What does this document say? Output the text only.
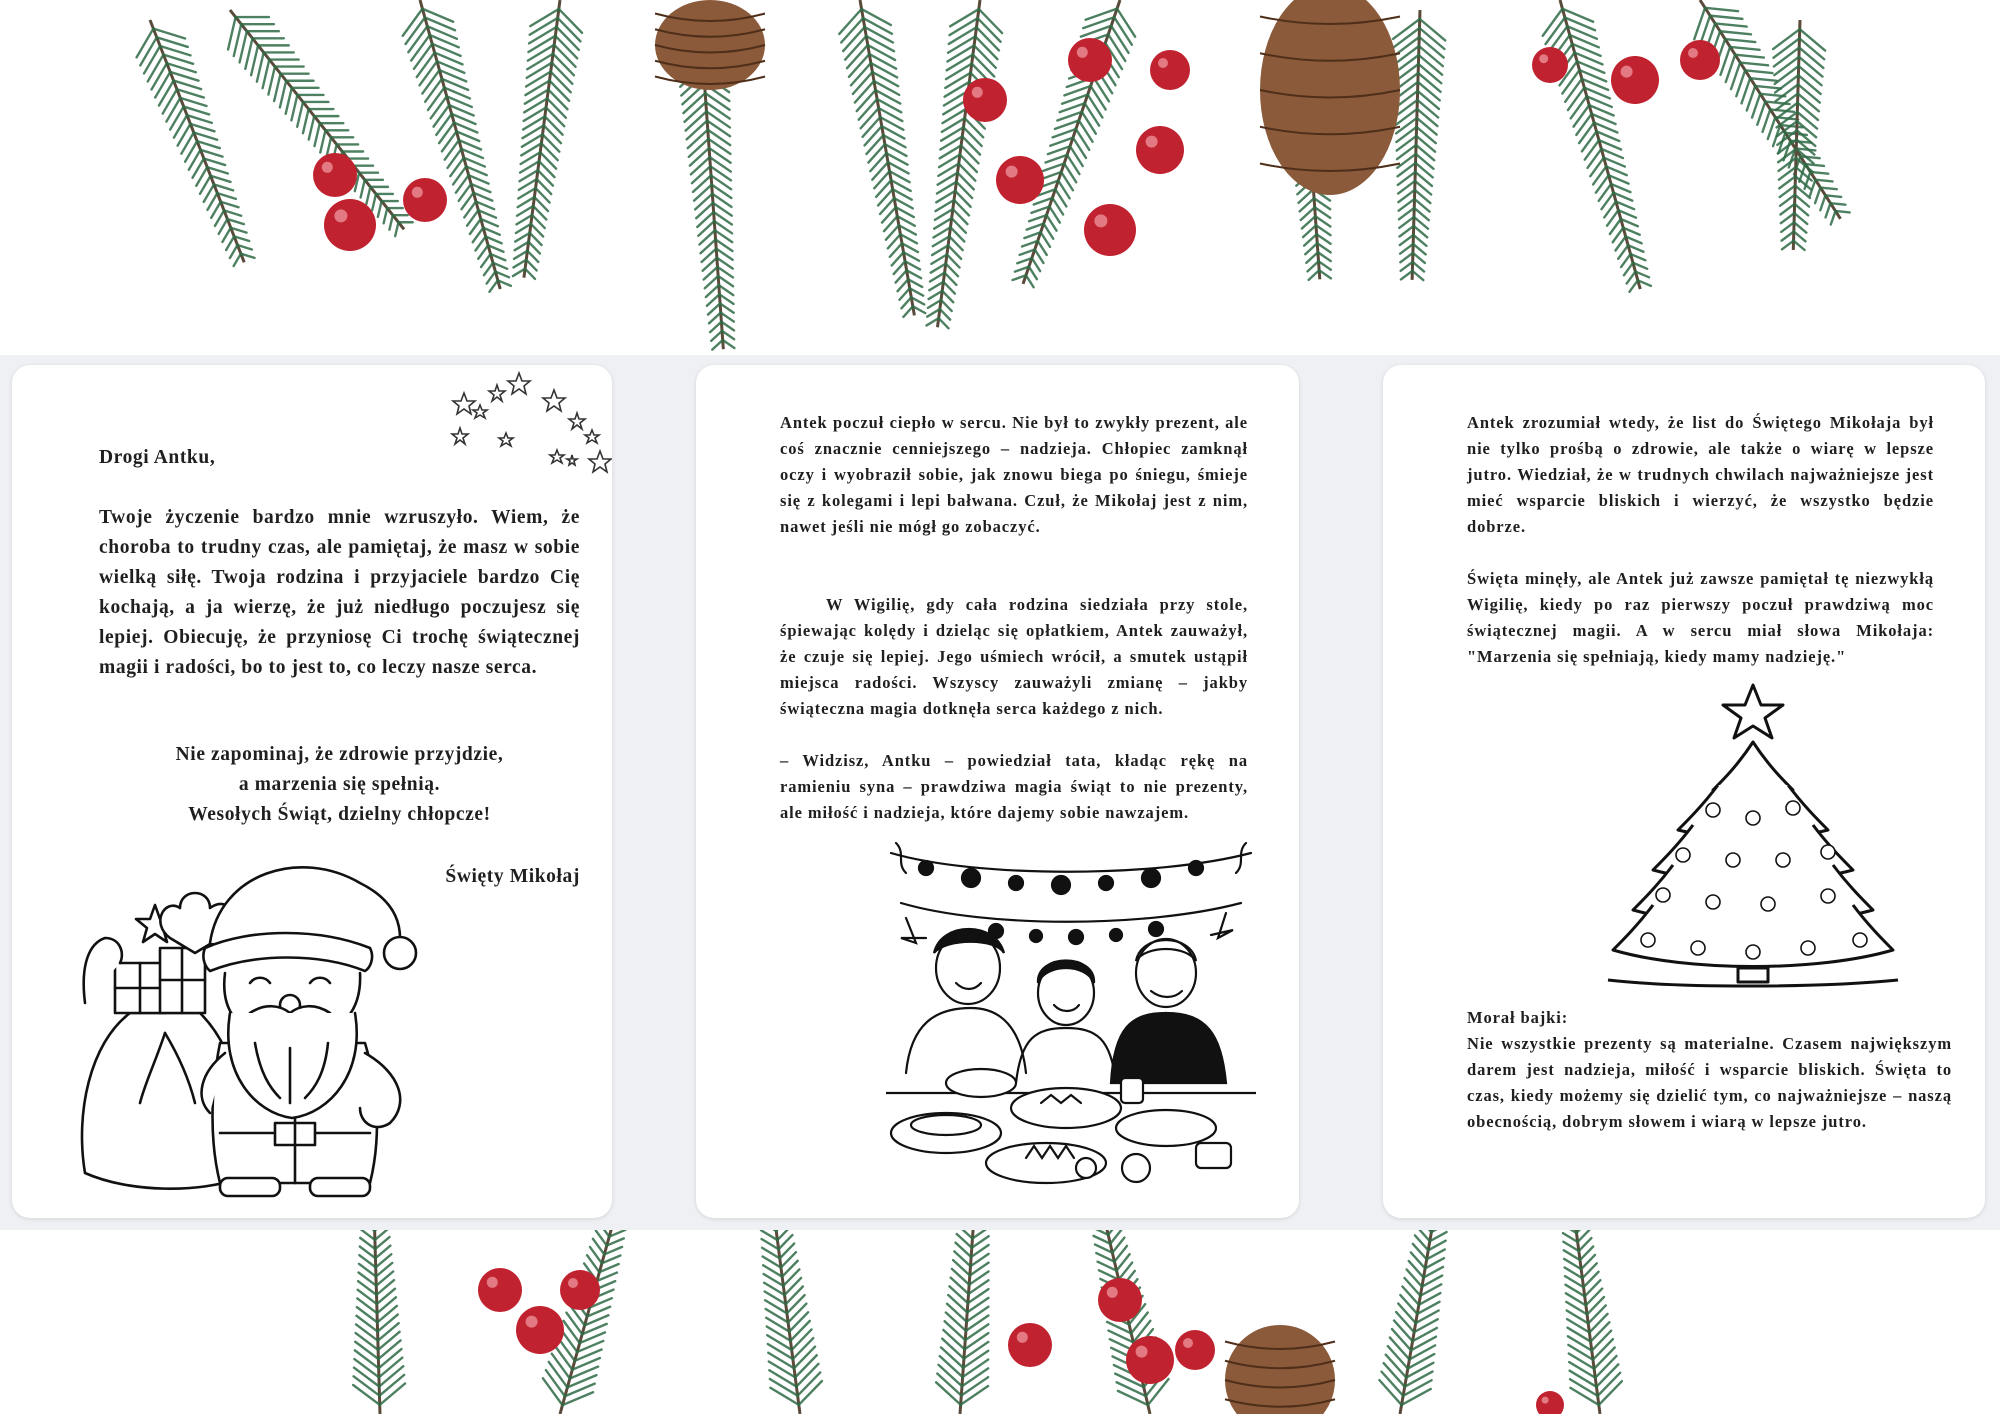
Drogi Antku,
Twoje życzenie bardzo mnie wzruszyło. Wiem, że choroba to trudny czas, ale pamiętaj, że masz w sobie wielką siłę. Twoja rodzina i przyjaciele bardzo Cię kochają, a ja wierzę, że już niedługo poczujesz się lepiej. Obiecuję, że przyniosę Ci trochę świątecznej magii i radości, bo to jest to, co leczy nasze serca.
Nie zapominaj, że zdrowie przyjdzie,
a marzenia się spełnią.
Wesołych Świąt, dzielny chłopcze!
Święty Mikołaj
Antek poczuł ciepło w sercu. Nie był to zwykły prezent, ale coś znacznie cenniejszego – nadzieja. Chłopiec zamknął oczy i wyobraził sobie, jak znowu biega po śniegu, śmieje się z kolegami i lepi bałwana. Czuł, że Mikołaj jest z nim, nawet jeśli nie mógł go zobaczyć.
W Wigilię, gdy cała rodzina siedziała przy stole, śpiewając kolędy i dzieląc się opłatkiem, Antek zauważył, że czuje się lepiej. Jego uśmiech wrócił, a smutek ustąpił miejsca radości. Wszyscy zauważyli zmianę – jakby świąteczna magia dotknęła serca każdego z nich.
– Widzisz, Antku – powiedział tata, kładąc rękę na ramieniu syna – prawdziwa magia świąt to nie prezenty, ale miłość i nadzieja, które dajemy sobie nawzajem.
Antek zrozumiał wtedy, że list do Świętego Mikołaja był nie tylko prośbą o zdrowie, ale także o wiarę w lepsze jutro. Wiedział, że w trudnych chwilach najważniejsze jest mieć wsparcie bliskich i wierzyć, że wszystko będzie dobrze.
Święta minęły, ale Antek już zawsze pamiętał tę niezwykłą Wigilię, kiedy po raz pierwszy poczuł prawdziwą moc świątecznej magii. A w sercu miał słowa Mikołaja: "Marzenia się spełniają, kiedy mamy nadzieję."
Morał bajki:
Nie wszystkie prezenty są materialne. Czasem największym darem jest nadzieja, miłość i wsparcie bliskich. Święta to czas, kiedy możemy się dzielić tym, co najważniejsze – naszą obecnością, dobrym słowem i wiarą w lepsze jutro.
